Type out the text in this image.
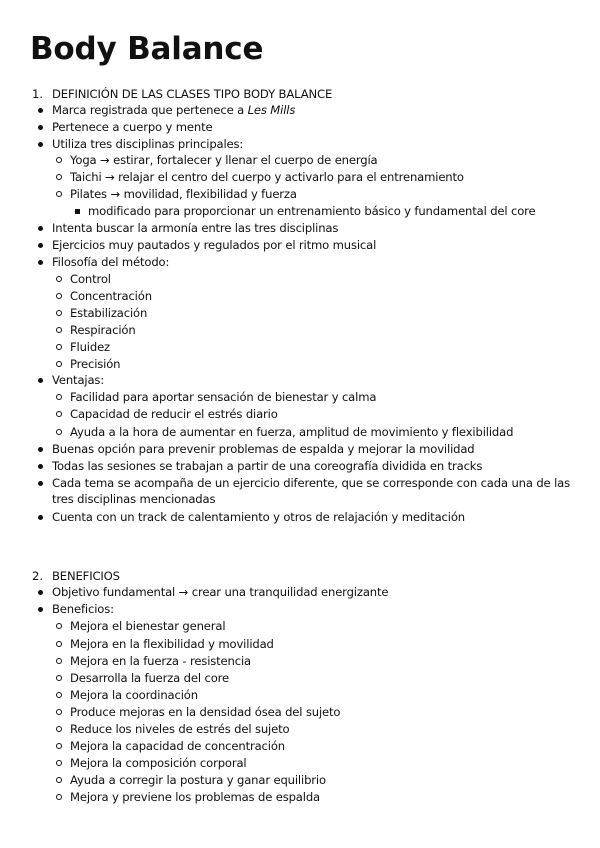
Body Balance
1. DEFINICIÓN DE LAS CLASES TIPO BODY BALANCE
Marca registrada que pertenece a Les Mills
Pertenece a cuerpo y mente
Utiliza tres disciplinas principales:
Yoga → estirar, fortalecer y llenar el cuerpo de energía
Taichi → relajar el centro del cuerpo y activarlo para el entrenamiento
Pilates → movilidad, flexibilidad y fuerza
modificado para proporcionar un entrenamiento básico y fundamental del core
Intenta buscar la armonía entre las tres disciplinas
Ejercicios muy pautados y regulados por el ritmo musical
Filosofía del método:
Control
Concentración
Estabilización
Respiración
Fluidez
Precisión
Ventajas:
Facilidad para aportar sensación de bienestar y calma
Capacidad de reducir el estrés diario
Ayuda a la hora de aumentar en fuerza, amplitud de movimiento y flexibilidad
Buenas opción para prevenir problemas de espalda y mejorar la movilidad
Todas las sesiones se trabajan a partir de una coreografía dividida en tracks
Cada tema se acompaña de un ejercicio diferente, que se corresponde con cada una de las
tres disciplinas mencionadas
Cuenta con un track de calentamiento y otros de relajación y meditación
2. BENEFICIOS
Objetivo fundamental → crear una tranquilidad energizante
Beneficios:
Mejora el bienestar general
Mejora en la flexibilidad y movilidad
Mejora en la fuerza - resistencia
Desarrolla la fuerza del core
Mejora la coordinación
Produce mejoras en la densidad ósea del sujeto
Reduce los niveles de estrés del sujeto
Mejora la capacidad de concentración
Mejora la composición corporal
Ayuda a corregir la postura y ganar equilibrio
Mejora y previene los problemas de espalda
